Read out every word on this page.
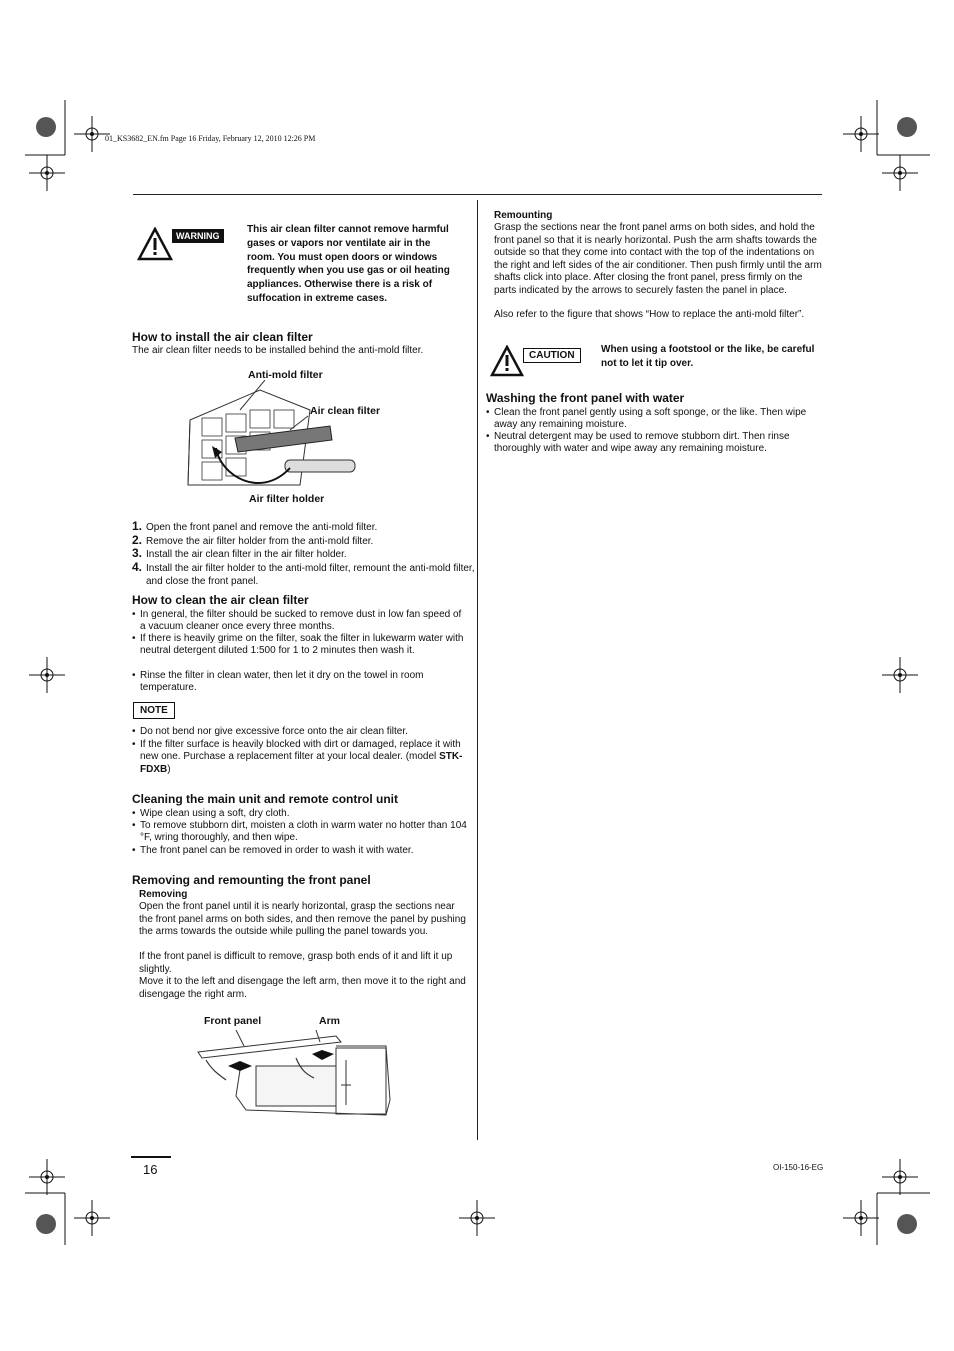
01_KS3682_EN.fm Page 16 Friday, February 12, 2010 12:26 PM
WARNING
This air clean filter cannot remove harmful gases or vapors nor ventilate air in the room. You must open doors or windows frequently when you use gas or oil heating appliances. Otherwise there is a risk of suffocation in extreme cases.
How to install the air clean filter
The air clean filter needs to be installed behind the anti-mold filter.
Anti-mold filter
Air clean filter
Air filter holder
1. Open the front panel and remove the anti-mold filter.
2. Remove the air filter holder from the anti-mold filter.
3. Install the air clean filter in the air filter holder.
4. Install the air filter holder to the anti-mold filter, remount the anti-mold filter, and close the front panel.
How to clean the air clean filter
• In general, the filter should be sucked to remove dust in low fan speed of a vacuum cleaner once every three months.
• If there is heavily grime on the filter, soak the filter in lukewarm water with neutral detergent diluted 1:500 for 1 to 2 minutes then wash it.
• Rinse the filter in clean water, then let it dry on the towel in room temperature.
NOTE
• Do not bend nor give excessive force onto the air clean filter.
• If the filter surface is heavily blocked with dirt or damaged, replace it with new one. Purchase a replacement filter at your local dealer. (model STK-FDXB)
Cleaning the main unit and remote control unit
• Wipe clean using a soft, dry cloth.
• To remove stubborn dirt, moisten a cloth in warm water no hotter than 104 °F, wring thoroughly, and then wipe.
• The front panel can be removed in order to wash it with water.
Removing and remounting the front panel
Removing
Open the front panel until it is nearly horizontal, grasp the sections near the front panel arms on both sides, and then remove the panel by pushing the arms towards the outside while pulling the panel towards you.
If the front panel is difficult to remove, grasp both ends of it and lift it up slightly.
Move it to the left and disengage the left arm, then move it to the right and disengage the right arm.
Front panel	Arm
Remounting
Grasp the sections near the front panel arms on both sides, and hold the front panel so that it is nearly horizontal. Push the arm shafts towards the outside so that they come into contact with the top of the indentations on the right and left sides of the air conditioner. Then push firmly until the arm shafts click into place. After closing the front panel, press firmly on the parts indicated by the arrows to securely fasten the panel in place.
Also refer to the figure that shows “How to replace the anti-mold filter”.
CAUTION
When using a footstool or the like, be careful not to let it tip over.
Washing the front panel with water
• Clean the front panel gently using a soft sponge, or the like. Then wipe away any remaining moisture.
• Neutral detergent may be used to remove stubborn dirt. Then rinse thoroughly with water and wipe away any remaining moisture.
16	OI-150-16-EG
